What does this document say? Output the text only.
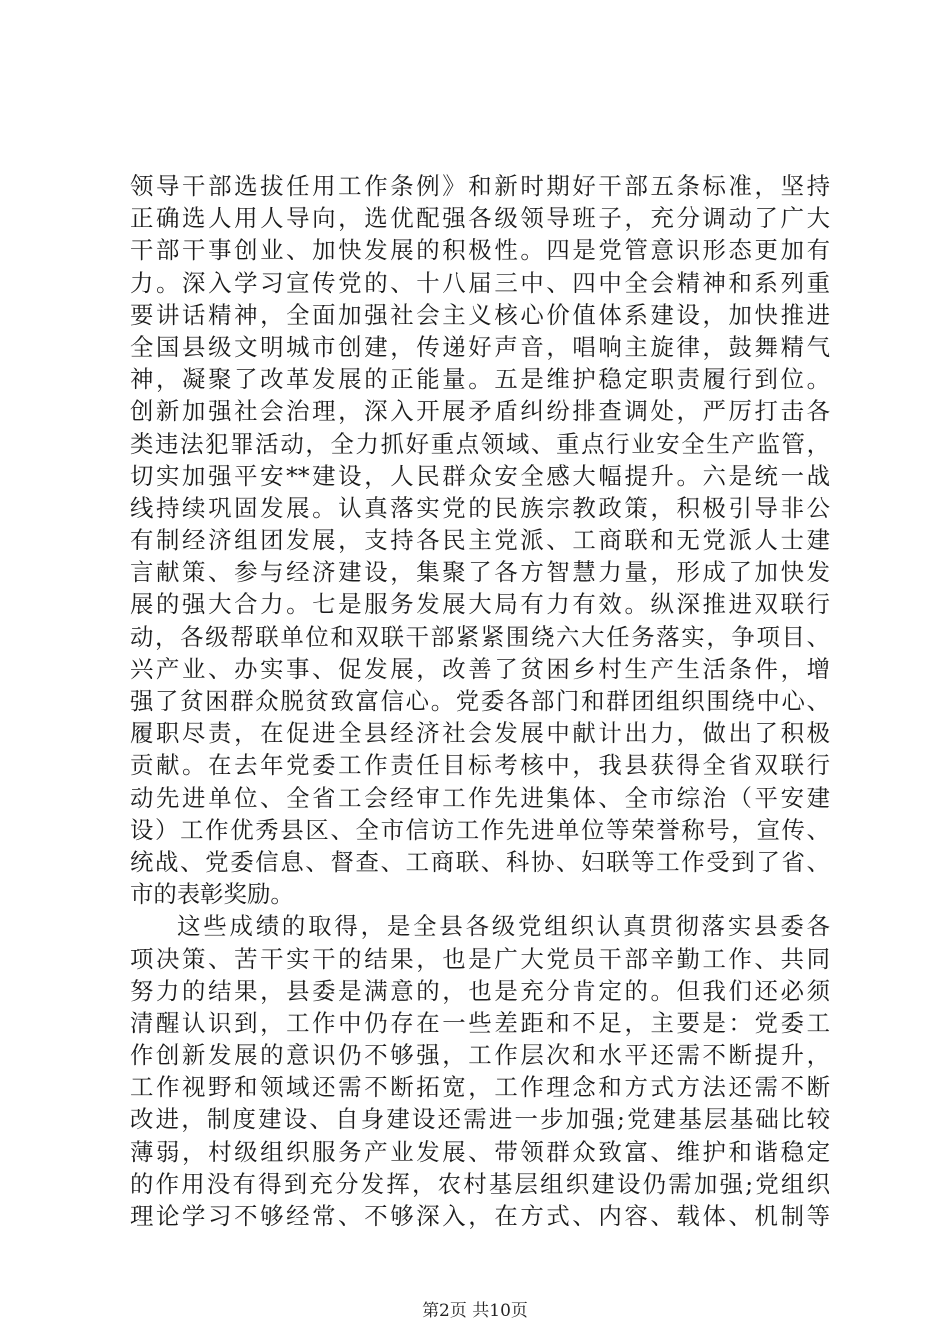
领导干部选拔任用工作条例》和新时期好干部五条标准，坚持
正确选人用人导向，选优配强各级领导班子，充分调动了广大
干部干事创业、加快发展的积极性。四是党管意识形态更加有
力。深入学习宣传党的、十八届三中、四中全会精神和系列重
要讲话精神，全面加强社会主义核心价值体系建设，加快推进
全国县级文明城市创建，传递好声音，唱响主旋律，鼓舞精气
神，凝聚了改革发展的正能量。五是维护稳定职责履行到位。
创新加强社会治理，深入开展矛盾纠纷排查调处，严厉打击各
类违法犯罪活动，全力抓好重点领域、重点行业安全生产监管，
切实加强平安**建设，人民群众安全感大幅提升。六是统一战
线持续巩固发展。认真落实党的民族宗教政策，积极引导非公
有制经济组团发展，支持各民主党派、工商联和无党派人士建
言献策、参与经济建设，集聚了各方智慧力量，形成了加快发
展的强大合力。七是服务发展大局有力有效。纵深推进双联行
动，各级帮联单位和双联干部紧紧围绕六大任务落实，争项目、
兴产业、办实事、促发展，改善了贫困乡村生产生活条件，增
强了贫困群众脱贫致富信心。党委各部门和群团组织围绕中心、
履职尽责，在促进全县经济社会发展中献计出力，做出了积极
贡献。在去年党委工作责任目标考核中，我县获得全省双联行
动先进单位、全省工会经审工作先进集体、全市综治（平安建
设）工作优秀县区、全市信访工作先进单位等荣誉称号，宣传、
统战、党委信息、督查、工商联、科协、妇联等工作受到了省、
市的表彰奖励。
这些成绩的取得，是全县各级党组织认真贯彻落实县委各
项决策、苦干实干的结果，也是广大党员干部辛勤工作、共同
努力的结果，县委是满意的，也是充分肯定的。但我们还必须
清醒认识到，工作中仍存在一些差距和不足，主要是：党委工
作创新发展的意识仍不够强，工作层次和水平还需不断提升，
工作视野和领域还需不断拓宽，工作理念和方式方法还需不断
改进，制度建设、自身建设还需进一步加强;党建基层基础比较
薄弱，村级组织服务产业发展、带领群众致富、维护和谐稳定
的作用没有得到充分发挥，农村基层组织建设仍需加强;党组织
理论学习不够经常、不够深入，在方式、内容、载体、机制等
第2页 共10页
